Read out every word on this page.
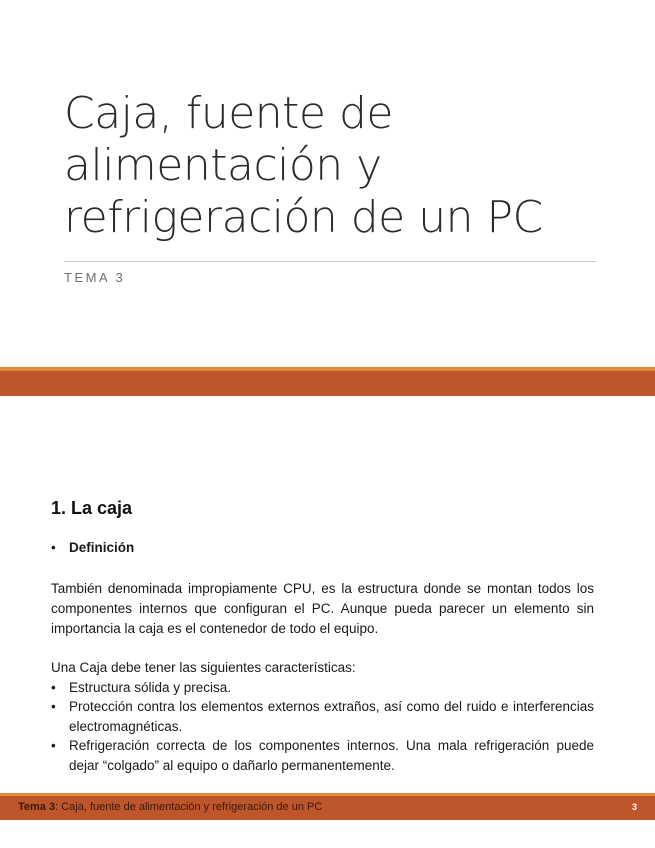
Caja, fuente de
alimentación y
refrigeración de un PC
TEMA 3
1. La caja
• Definición

También denominada impropiamente CPU, es la estructura donde se montan todos los componentes internos que configuran el PC. Aunque pueda parecer un elemento sin importancia la caja es el contenedor de todo el equipo.

Una Caja debe tener las siguientes características:

• Estructura sólida y precisa.
• Protección contra los elementos externos extraños, así como del ruido e interferencias electromagnéticas.
• Refrigeración correcta de los componentes internos. Una mala refrigeración puede dejar “colgado” al equipo o dañarlo permanentemente.
Tema 3: Caja, fuente de alimentación y refrigeración de un PC	3
